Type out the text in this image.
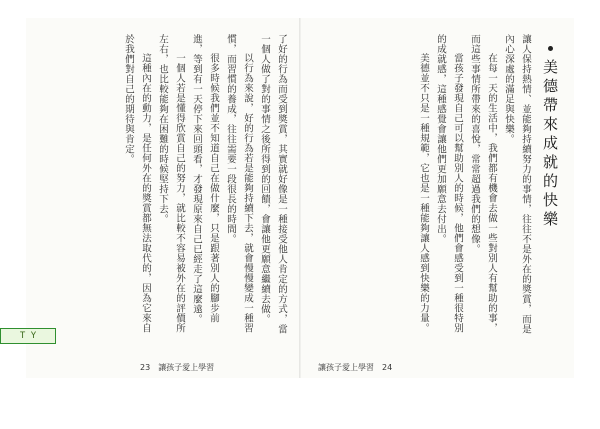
了好的行為而受到獎賞，其實就好像是一種接受他人肯定的方式，當一個人做了對的事情之後所得到的回饋，會讓他更願意繼續去做。

以行為來說，好的行為若是能夠持續下去，就會慢慢變成一種習慣，而習慣的養成，往往需要一段很長的時間。

很多時候我們並不知道自己在做什麼，只是跟著別人的腳步前進，等到有一天停下來回頭看，才發現原來自己已經走了這麼遠。

一個人若是懂得欣賞自己的努力，就比較不容易被外在的評價所左右，也比較能夠在困難的時候堅持下去。

這種內在的動力，是任何外在的獎賞都無法取代的，因為它來自於我們對自己的期待與肯定。

23 讓孩子愛上學習
美德帶來成就的快樂

讓人保持熱情、並能夠持續努力的事情，往往不是外在的獎賞，而是內心深處的滿足與快樂。

在每一天的生活中，我們都有機會去做一些對別人有幫助的事，而這些事情所帶來的喜悅，常常超過我們的想像。

當孩子發現自己可以幫助別人的時候，他們會感受到一種很特別的成就感，這種感覺會讓他們更加願意去付出。

美德並不只是一種規範，它也是一種能夠讓人感到快樂的力量。

讓孩子愛上學習 24
T Y
